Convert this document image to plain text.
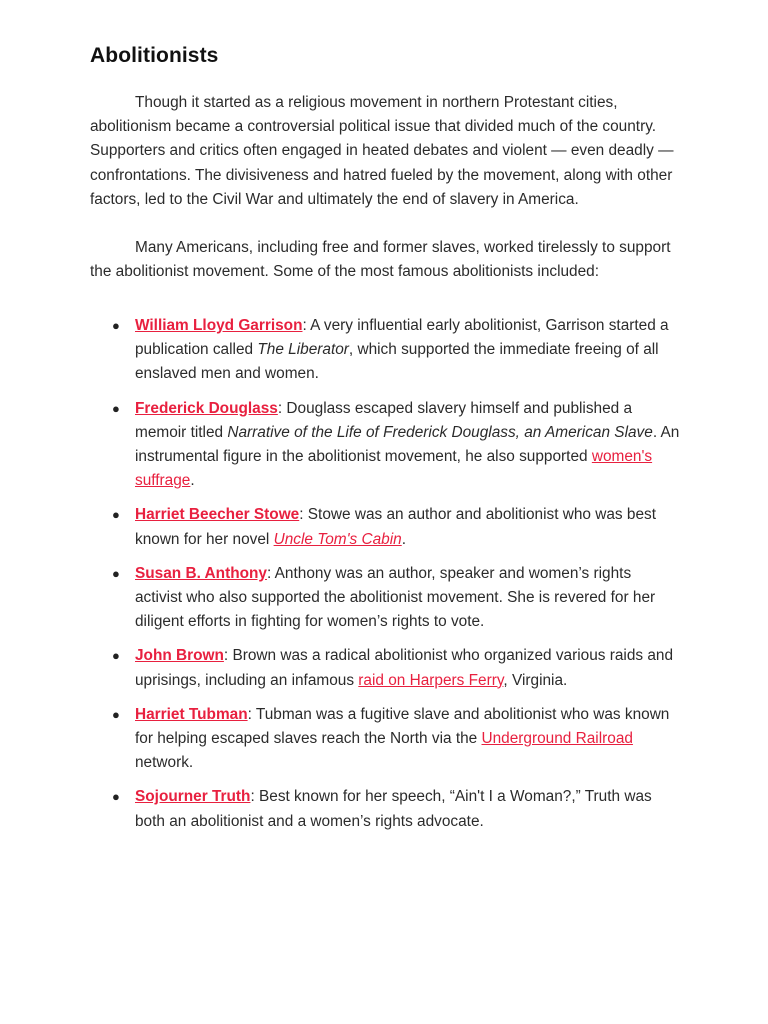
Abolitionists

Though it started as a religious movement in northern Protestant cities, abolitionism became a controversial political issue that divided much of the country. Supporters and critics often engaged in heated debates and violent — even deadly — confrontations. The divisiveness and hatred fueled by the movement, along with other factors, led to the Civil War and ultimately the end of slavery in America.

Many Americans, including free and former slaves, worked tirelessly to support the abolitionist movement. Some of the most famous abolitionists included:

● William Lloyd Garrison: A very influential early abolitionist, Garrison started a publication called The Liberator, which supported the immediate freeing of all enslaved men and women.
● Frederick Douglass: Douglass escaped slavery himself and published a memoir titled Narrative of the Life of Frederick Douglass, an American Slave. An instrumental figure in the abolitionist movement, he also supported women's suffrage.
● Harriet Beecher Stowe: Stowe was an author and abolitionist who was best known for her novel Uncle Tom's Cabin.
● Susan B. Anthony: Anthony was an author, speaker and women’s rights activist who also supported the abolitionist movement. She is revered for her diligent efforts in fighting for women’s rights to vote.
● John Brown: Brown was a radical abolitionist who organized various raids and uprisings, including an infamous raid on Harpers Ferry, Virginia.
● Harriet Tubman: Tubman was a fugitive slave and abolitionist who was known for helping escaped slaves reach the North via the Underground Railroad network.
● Sojourner Truth: Best known for her speech, “Ain't I a Woman?,” Truth was both an abolitionist and a women’s rights advocate.
